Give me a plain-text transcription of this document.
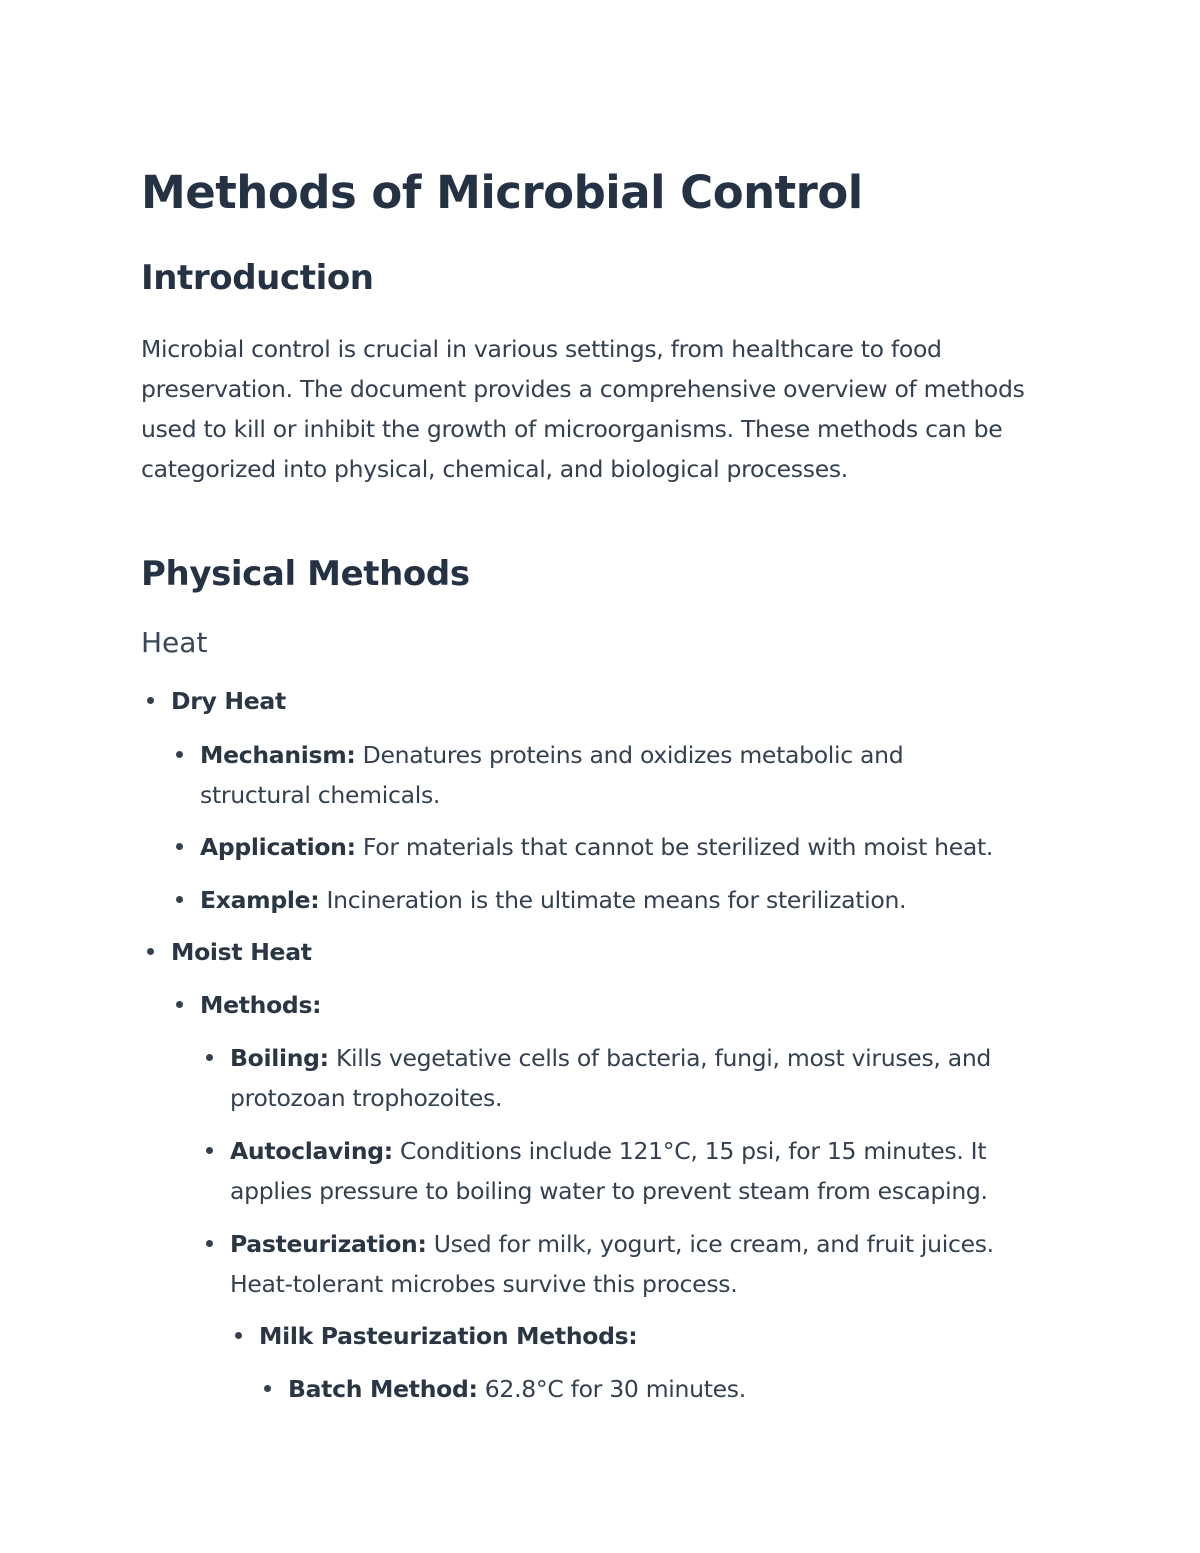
Methods of Microbial Control
Introduction

Microbial control is crucial in various settings, from healthcare to food preservation. The document provides a comprehensive overview of methods used to kill or inhibit the growth of microorganisms. These methods can be categorized into physical, chemical, and biological processes.

Physical Methods
Heat
Dry Heat
Mechanism: Denatures proteins and oxidizes metabolic and structural chemicals.
Application: For materials that cannot be sterilized with moist heat.
Example: Incineration is the ultimate means for sterilization.
Moist Heat
Methods:
Boiling: Kills vegetative cells of bacteria, fungi, most viruses, and protozoan trophozoites.
Autoclaving: Conditions include 121°C, 15 psi, for 15 minutes. It applies pressure to boiling water to prevent steam from escaping.
Pasteurization: Used for milk, yogurt, ice cream, and fruit juices. Heat-tolerant microbes survive this process.
Milk Pasteurization Methods:
Batch Method: 62.8°C for 30 minutes.
